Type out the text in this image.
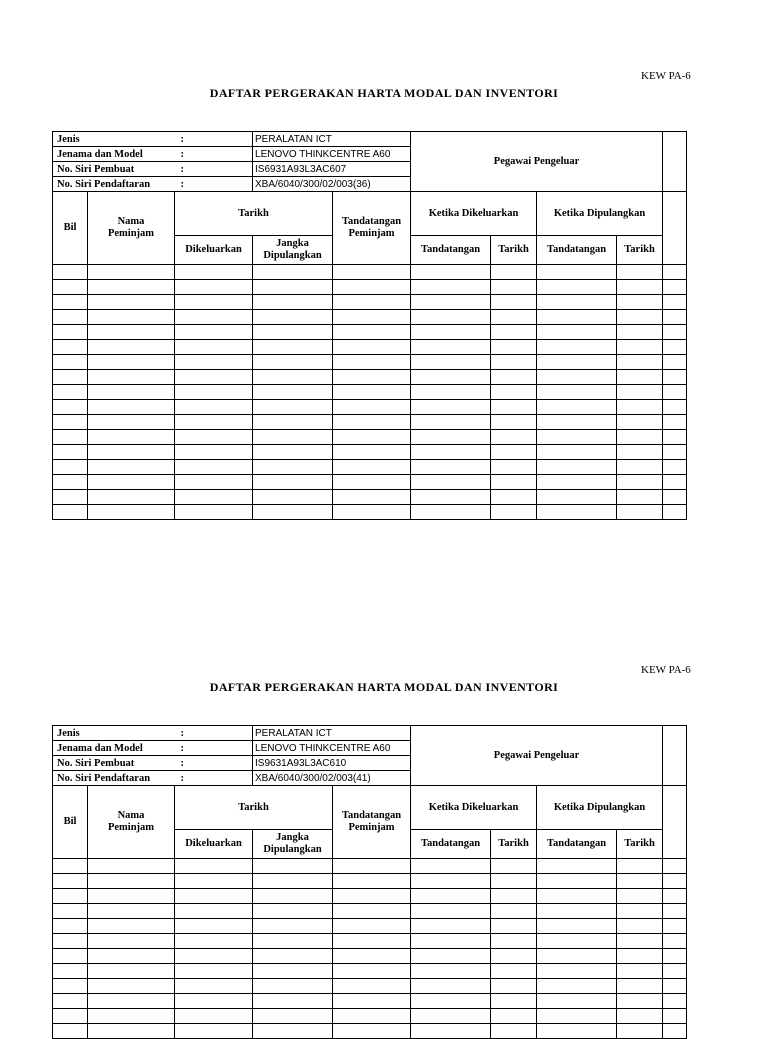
KEW PA-6
DAFTAR PERGERAKAN HARTA MODAL DAN INVENTORI
Jenis		:	PERALATAN ICT		Pegawai Pengeluar				
Jenama dan Model		:	LENOVO THINKCENTRE A60						
No. Siri Pembuat		:	IS6931A93L3AC607						
No. Siri Pendaftaran		:	XBA/6040/300/02/003(36)						
Bil	Nama Peminjam	Tarikh		Tandatangan Peminjam	Ketika Dikeluarkan		Ketika Dipulangkan		
		Dikeluarkan	Jangka Dipulangkan		Tandatangan	Tarikh	Tandatangan	Tarikh	

KEW PA-6
DAFTAR PERGERAKAN HARTA MODAL DAN INVENTORI
Jenis		:	PERALATAN ICT		Pegawai Pengeluar				
Jenama dan Model		:	LENOVO THINKCENTRE A60						
No. Siri Pembuat		:	IS9631A93L3AC610						
No. Siri Pendaftaran		:	XBA/6040/300/02/003(41)						
Bil	Nama Peminjam	Tarikh		Tandatangan Peminjam	Ketika Dikeluarkan		Ketika Dipulangkan		
		Dikeluarkan	Jangka Dipulangkan		Tandatangan	Tarikh	Tandatangan	Tarikh	
